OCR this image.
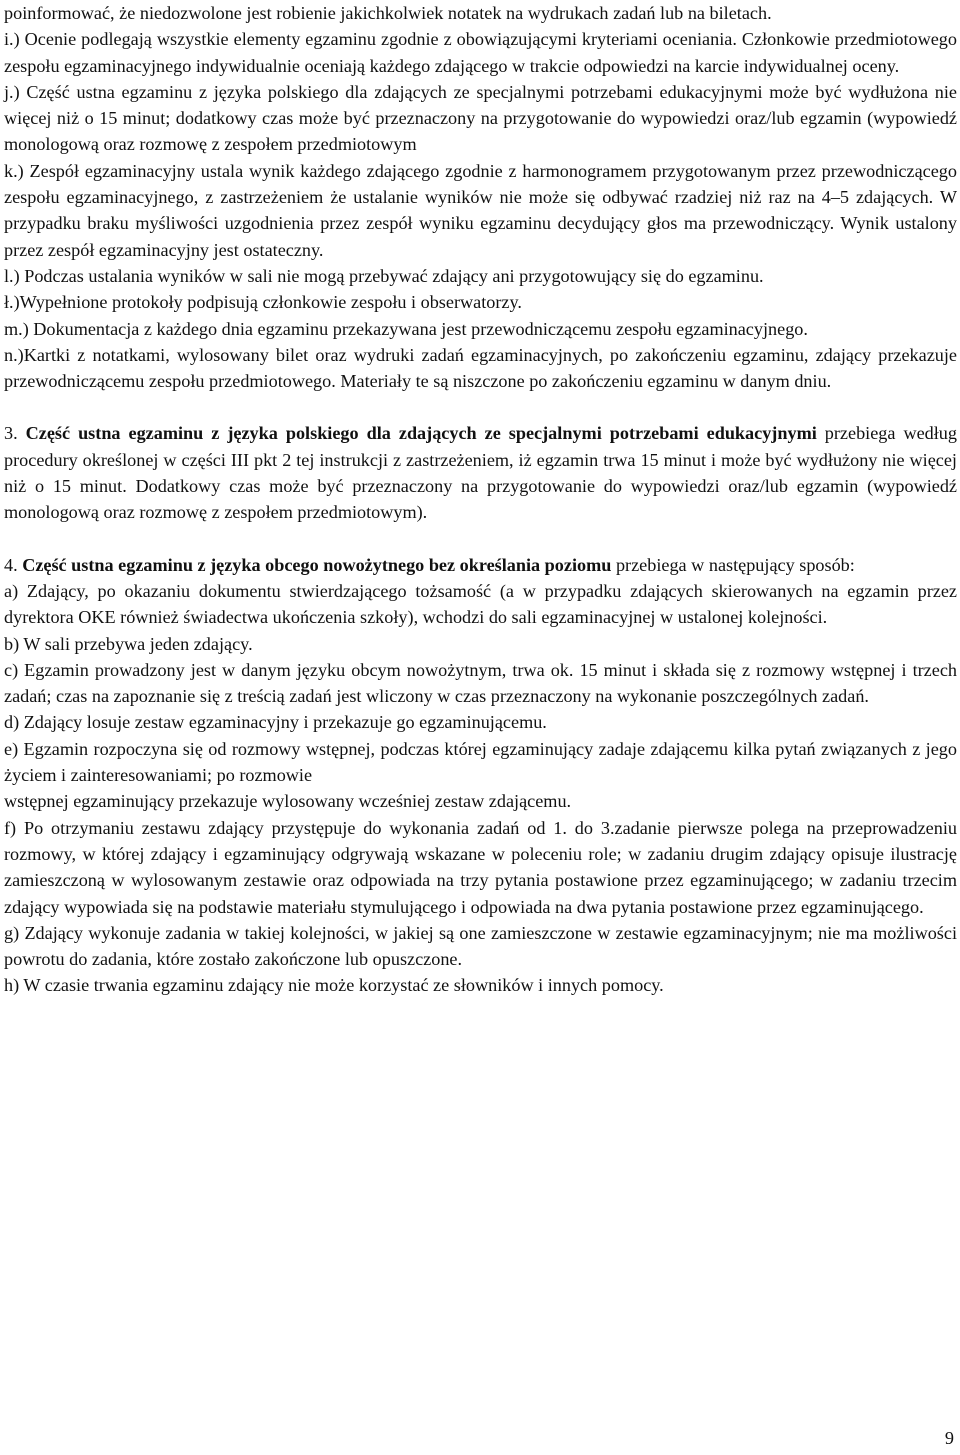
poinformować, że niedozwolone jest robienie jakichkolwiek notatek na wydrukach zadań lub na biletach.

i.) Ocenie podlegają wszystkie elementy egzaminu zgodnie z obowiązującymi kryteriami oceniania. Członkowie przedmiotowego zespołu egzaminacyjnego indywidualnie oceniają każdego zdającego w trakcie odpowiedzi na karcie indywidualnej oceny.

j.) Część ustna egzaminu z języka polskiego dla zdających ze specjalnymi potrzebami edukacyjnymi może być wydłużona nie więcej niż o 15 minut; dodatkowy czas może być przeznaczony na przygotowanie do wypowiedzi oraz/lub egzamin (wypowiedź monologową oraz rozmowę z zespołem przedmiotowym

k.) Zespół egzaminacyjny ustala wynik każdego zdającego zgodnie z harmonogramem przygotowanym przez przewodniczącego zespołu egzaminacyjnego, z zastrzeżeniem że ustalanie wyników nie może się odbywać rzadziej niż raz na 4–5 zdających. W przypadku braku myśliwości uzgodnienia przez zespół wyniku egzaminu decydujący głos ma przewodniczący. Wynik ustalony przez zespół egzaminacyjny jest ostateczny.

l.) Podczas ustalania wyników w sali nie mogą przebywać zdający ani przygotowujący się do egzaminu.

ł.)Wypełnione protokoły podpisują członkowie zespołu i obserwatorzy.

m.) Dokumentacja z każdego dnia egzaminu przekazywana jest przewodniczącemu zespołu egzaminacyjnego.

n.)Kartki z notatkami, wylosowany bilet oraz wydruki zadań egzaminacyjnych, po zakończeniu egzaminu, zdający przekazuje przewodniczącemu zespołu przedmiotowego. Materiały te są niszczone po zakończeniu egzaminu w danym dniu.

3. Część ustna egzaminu z języka polskiego dla zdających ze specjalnymi potrzebami edukacyjnymi przebiega według procedury określonej w części III pkt 2 tej instrukcji z zastrzeżeniem, iż egzamin trwa 15 minut i może być wydłużony nie więcej niż o 15 minut. Dodatkowy czas może być przeznaczony na przygotowanie do wypowiedzi oraz/lub egzamin (wypowiedź monologową oraz rozmowę z zespołem przedmiotowym).

4. Część ustna egzaminu z języka obcego nowożytnego bez określania poziomu przebiega w następujący sposób:

a) Zdający, po okazaniu dokumentu stwierdzającego tożsamość (a w przypadku zdających skierowanych na egzamin przez dyrektora OKE również świadectwa ukończenia szkoły), wchodzi do sali egzaminacyjnej w ustalonej kolejności.

b) W sali przebywa jeden zdający.

c) Egzamin prowadzony jest w danym języku obcym nowożytnym, trwa ok. 15 minut i składa się z rozmowy wstępnej i trzech zadań; czas na zapoznanie się z treścią zadań jest wliczony w czas przeznaczony na wykonanie poszczególnych zadań.

d) Zdający losuje zestaw egzaminacyjny i przekazuje go egzaminującemu.

e) Egzamin rozpoczyna się od rozmowy wstępnej, podczas której egzaminujący zadaje zdającemu kilka pytań związanych z jego życiem i zainteresowaniami; po rozmowie

wstępnej egzaminujący przekazuje wylosowany wcześniej zestaw zdającemu.

f) Po otrzymaniu zestawu zdający przystępuje do wykonania zadań od 1. do 3.zadanie pierwsze polega na przeprowadzeniu rozmowy, w której zdający i egzaminujący odgrywają wskazane w poleceniu role; w zadaniu drugim zdający opisuje ilustrację zamieszczoną w wylosowanym zestawie oraz odpowiada na trzy pytania postawione przez egzaminującego; w zadaniu trzecim zdający wypowiada się na podstawie materiału stymulującego i odpowiada na dwa pytania postawione przez egzaminującego.

g) Zdający wykonuje zadania w takiej kolejności, w jakiej są one zamieszczone w zestawie egzaminacyjnym; nie ma możliwości powrotu do zadania, które zostało zakończone lub opuszczone.

h) W czasie trwania egzaminu zdający nie może korzystać ze słowników i innych pomocy.

9
